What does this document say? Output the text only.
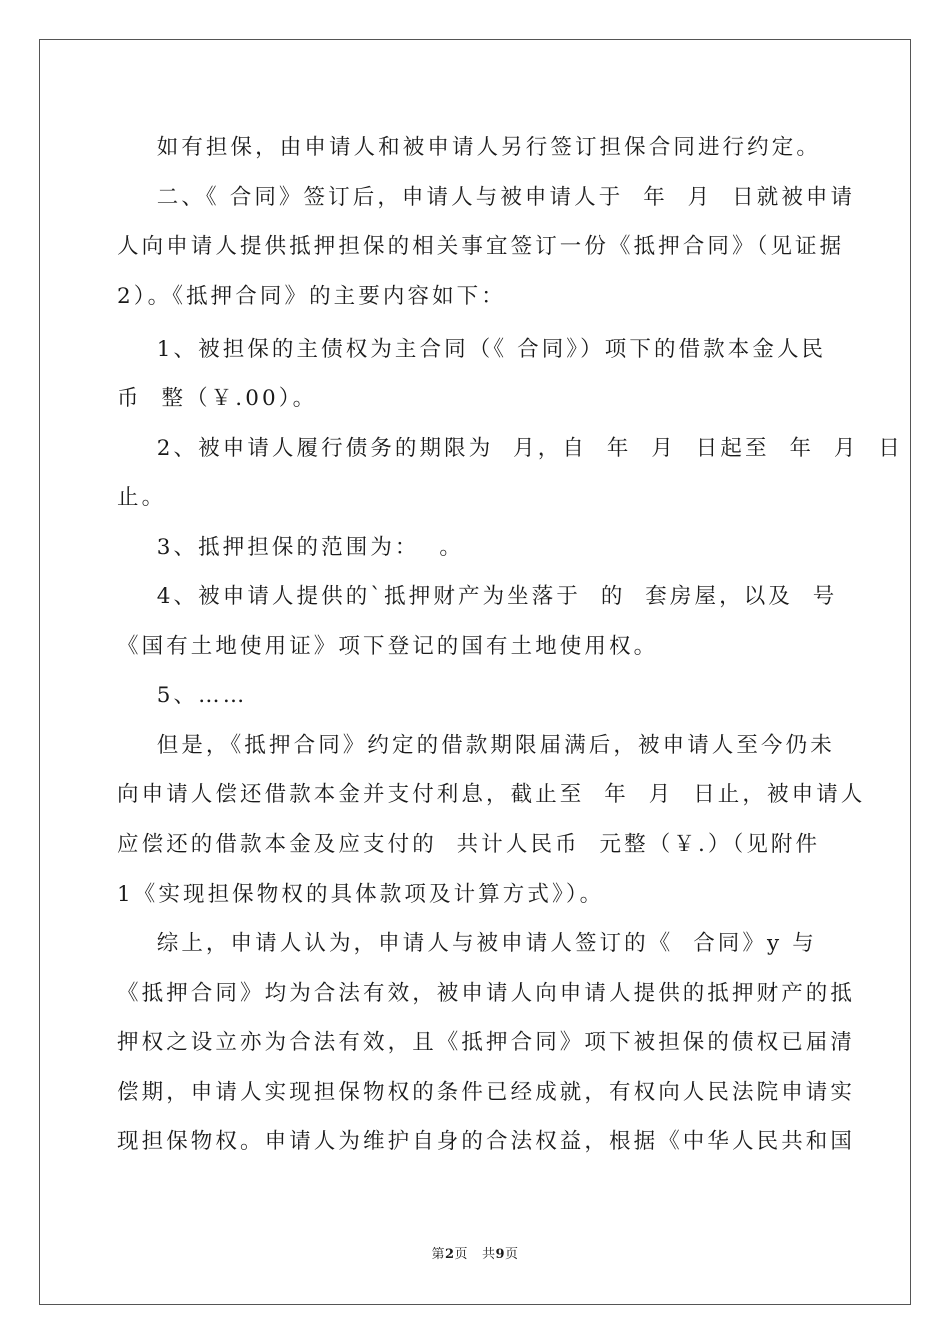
如有担保，由申请人和被申请人另行签订担保合同进行约定。
二、《 合同》签订后，申请人与被申请人于  年  月  日就被申请
人向申请人提供抵押担保的相关事宜签订一份《抵押合同》（见证据
2）。《抵押合同》的主要内容如下：
1、被担保的主债权为主合同（《 合同》）项下的借款本金人民
币  整（￥.00）。
2、被申请人履行债务的期限为  月，自  年  月  日起至  年  月  日
止。
3、抵押担保的范围为：  。
4、被申请人提供的`抵押财产为坐落于  的  套房屋，以及  号
《国有土地使用证》项下登记的国有土地使用权。
5、……
但是，《抵押合同》约定的借款期限届满后，被申请人至今仍未
向申请人偿还借款本金并支付利息，截止至  年  月  日止，被申请人
应偿还的借款本金及应支付的  共计人民币  元整（￥.）（见附件
1《实现担保物权的具体款项及计算方式》）。
综上，申请人认为，申请人与被申请人签订的《  合同》y 与
《抵押合同》均为合法有效，被申请人向申请人提供的抵押财产的抵
押权之设立亦为合法有效，且《抵押合同》项下被担保的债权已届清
偿期，申请人实现担保物权的条件已经成就，有权向人民法院申请实
现担保物权。申请人为维护自身的合法权益，根据《中华人民共和国
第2页 共9页
